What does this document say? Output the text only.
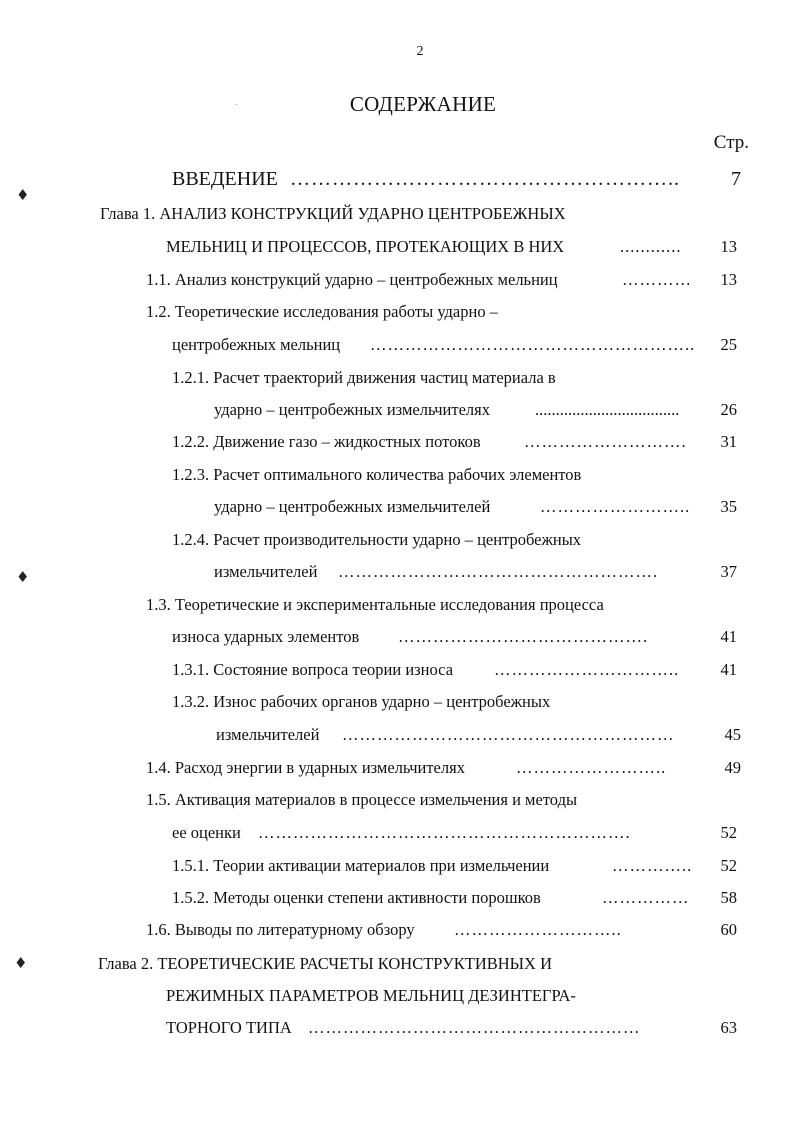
2
СОДЕРЖАНИЕ
Стр.
ВВЕДЕНИЕ ………………………………………………..	7
Глава 1. АНАЛИЗ КОНСТРУКЦИЙ УДАРНО ЦЕНТРОБЕЖНЫХ
МЕЛЬНИЦ И ПРОЦЕССОВ, ПРОТЕКАЮЩИХ В НИХ	............	13
1.1. Анализ конструкций ударно – центробежных мельниц	…………	13
1.2. Теоретические исследования работы ударно –
центробежных мельниц ………………………………………………..	25
1.2.1. Расчет траекторий движения частиц материала в
ударно – центробежных измельчителях	...................................	26
1.2.2. Движение газо – жидкостных потоков	……………………….	31
1.2.3. Расчет оптимального количества рабочих элементов
ударно – центробежных измельчителей	……………………..	35
1.2.4. Расчет производительности ударно – центробежных
измельчителей ……………………………………………….	37
1.3. Теоретические и экспериментальные исследования процесса
износа ударных элементов …………………………………….	41
1.3.1. Состояние вопроса теории износа …………………………..	41
1.3.2. Износ рабочих органов ударно – центробежных
измельчителей …………………………………………………	45
1.4. Расход энергии в ударных измельчителях	……………………..	49
1.5. Активация материалов в процессе измельчения и методы
ее оценки ……………………………………………………….	52
1.5.1. Теории активации материалов при измельчении	…………..	52
1.5.2. Методы оценки степени активности порошков	……………	58
1.6. Выводы по литературному обзору ………………………..	60
Глава 2. ТЕОРЕТИЧЕСКИЕ РАСЧЕТЫ КОНСТРУКТИВНЫХ И
РЕЖИМНЫХ ПАРАМЕТРОВ МЕЛЬНИЦ ДЕЗИНТЕГРА-
ТОРНОГО ТИПА …………………………………………………	63
♦
♦
♦
